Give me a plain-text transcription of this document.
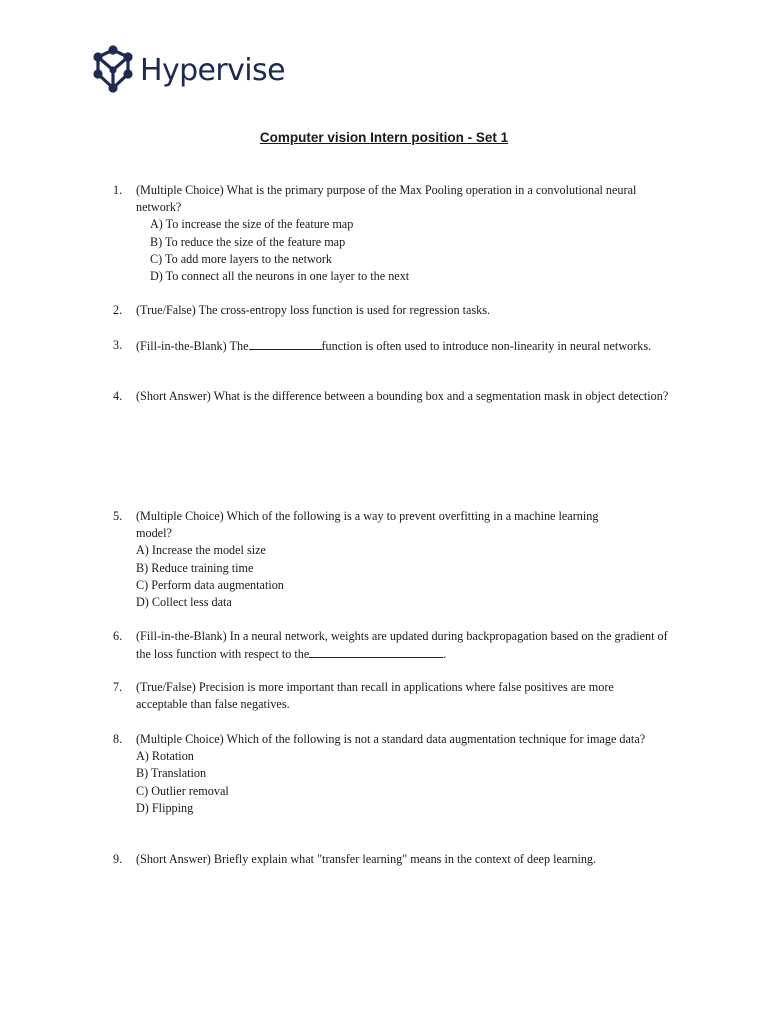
Hypervise
Computer vision Intern position - Set 1
1. (Multiple Choice) What is the primary purpose of the Max Pooling operation in a convolutional neural network?
A) To increase the size of the feature map
B) To reduce the size of the feature map
C) To add more layers to the network
D) To connect all the neurons in one layer to the next
2. (True/False) The cross-entropy loss function is used for regression tasks.
3. (Fill-in-the-Blank) The	function is often used to introduce non-linearity in neural networks.
4. (Short Answer) What is the difference between a bounding box and a segmentation mask in object detection?
5. (Multiple Choice) Which of the following is a way to prevent overfitting in a machine learning model?
A) Increase the model size
B) Reduce training time
C) Perform data augmentation
D) Collect less data
6. (Fill-in-the-Blank) In a neural network, weights are updated during backpropagation based on the gradient of the loss function with respect to the	.
7. (True/False) Precision is more important than recall in applications where false positives are more acceptable than false negatives.
8. (Multiple Choice) Which of the following is not a standard data augmentation technique for image data?
A) Rotation
B) Translation
C) Outlier removal
D) Flipping
9. (Short Answer) Briefly explain what "transfer learning" means in the context of deep learning.
